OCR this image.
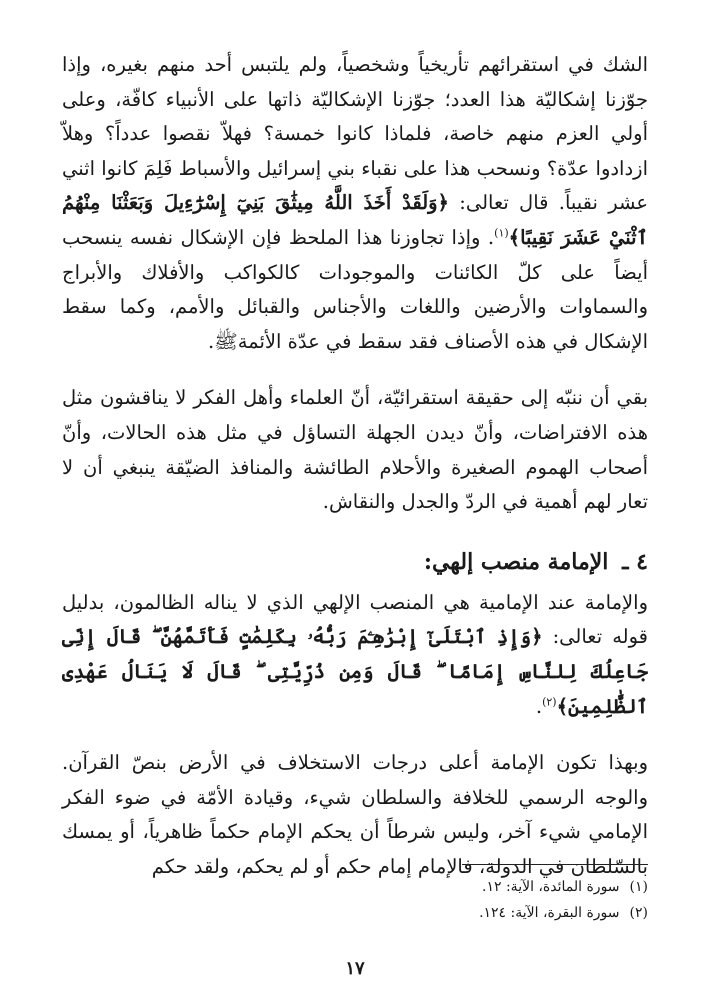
الشك في استقرائهم تأريخياً وشخصياً، ولم يلتبس أحد منهم بغيره، وإذا جوّزنا إشكاليّة هذا العدد؛ جوّزنا الإشكاليّة ذاتها على الأنبياء كافّة، وعلى أولي العزم منهم خاصة، فلماذا كانوا خمسة؟ فهلاّ نقصوا عدداً؟ وهلاّ ازدادوا عدّة؟ ونسحب هذا على نقباء بني إسرائيل والأسباط فَلِمَ كانوا اثني عشر نقيباً. قال تعالى: ﴿وَلَقَدْ أَخَذَ اللَّهُ مِيثَٰقَ بَنِيٓ إِسْرَٰٓءِيلَ وَبَعَثْنَا مِنْهُمُ ٱثْنَيْ عَشَرَ نَقِيبًا﴾$^{(١)}$. وإذا تجاوزنا هذا الملحظ فإن الإشكال نفسه ينسحب أيضاً على كلّ الكائنات والموجودات كالكواكب والأفلاك والأبراج والسماوات والأرضين واللغات والأجناس والقبائل والأمم، وكما سقط الإشكال في هذه الأصناف فقد سقط في عدّة الأئمةﷺ.

بقي أن ننبّه إلى حقيقة استقرائيّة، أنّ العلماء وأهل الفكر لا يناقشون مثل هذه الافتراضات، وأنّ ديدن الجهلة التساؤل في مثل هذه الحالات، وأنّ أصحاب الهموم الصغيرة والأحلام الطائشة والمنافذ الضيّقة ينبغي أن لا تعار لهم أهمية في الردّ والجدل والنقاش.

٤ ـ الإمامة منصب إلهي:

والإمامة عند الإمامية هي المنصب الإلهي الذي لا يناله الظالمون، بدليل قوله تعالى: ﴿وَإِذِ ٱبْتَلَىٰٓ إِبْرَٰهِـۧمَ رَبُّهُۥ بِكَلِمَٰتٍ فَأَتَمَّهُنَّ ۖ قَالَ إِنِّى جَاعِلُكَ لِلنَّاسِ إِمَامًا ۖ قَالَ وَمِن ذُرِّيَّتِى ۖ قَالَ لَا يَنَالُ عَهْدِى ٱلظَّٰلِمِينَ﴾$^{(٢)}$.

وبهذا تكون الإمامة أعلى درجات الاستخلاف في الأرض بنصّ القرآن. والوجه الرسمي للخلافة والسلطان شيء، وقيادة الأمّة في ضوء الفكر الإمامي شيء آخر، وليس شرطاً أن يحكم الإمام حكماً ظاهرياً، أو يمسك بالسّلطان في الدولة، فالإمام إمام حكم أو لم يحكم، ولقد حكم

(١)سورة المائدة، الآية: ١٢.
(٢)سورة البقرة، الآية: ١٢٤.
١٧
